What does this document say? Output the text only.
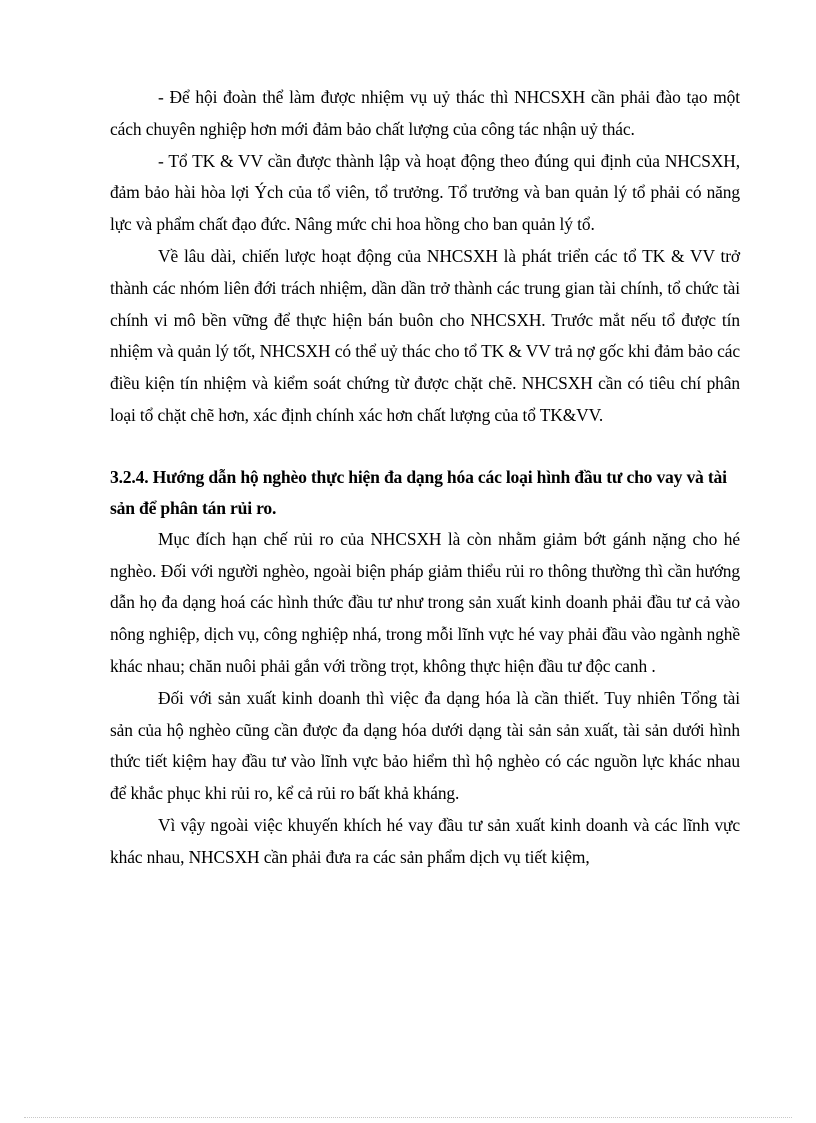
- Để hội đoàn thể làm được nhiệm vụ uỷ thác thì NHCSXH cần phải đào tạo một cách chuyên nghiệp hơn mới đảm bảo chất lượng của công tác nhận uỷ thác.

- Tổ TK & VV cần được thành lập và hoạt động theo đúng qui định của NHCSXH, đảm bảo hài hòa lợi Ých của tổ viên, tổ trưởng. Tổ trưởng và ban quản lý tổ phải có năng lực và phẩm chất đạo đức. Nâng mức chi hoa hồng cho ban quản lý tổ.

Về lâu dài, chiến lược hoạt động của NHCSXH là phát triển các tổ TK & VV trở thành các nhóm liên đới trách nhiệm, dần dần trở thành các trung gian tài chính, tổ chức tài chính vi mô bền vững để thực hiện bán buôn cho NHCSXH. Trước mắt nếu tổ được tín nhiệm và quản lý tốt, NHCSXH có thể uỷ thác cho tổ TK & VV trả nợ gốc khi đảm bảo các điều kiện tín nhiệm và kiểm soát chứng từ được chặt chẽ. NHCSXH cần có tiêu chí phân loại tổ chặt chẽ hơn, xác định chính xác hơn chất lượng của tổ TK&VV.

3.2.4. Hướng dẫn hộ nghèo thực hiện đa dạng hóa các loại hình đầu tư cho vay và tài sản để phân tán rủi ro.

Mục đích hạn chế rủi ro của NHCSXH là còn nhằm giảm bớt gánh nặng cho hé nghèo. Đối với người nghèo, ngoài biện pháp giảm thiểu rủi ro thông thường thì cần hướng dẫn họ đa dạng hoá các hình thức đầu tư như trong sản xuất kinh doanh phải đầu tư cả vào nông nghiệp, dịch vụ, công nghiệp nhá, trong mỗi lĩnh vực hé vay phải đầu vào ngành nghề khác nhau; chăn nuôi phải gắn với trồng trọt, không thực hiện đầu tư độc canh .

Đối với sản xuất kinh doanh thì việc đa dạng hóa là cần thiết. Tuy nhiên Tổng tài sản của hộ nghèo cũng cần được đa dạng hóa dưới dạng tài sản sản xuất, tài sản dưới hình thức tiết kiệm hay đầu tư vào lĩnh vực bảo hiểm thì hộ nghèo có các nguồn lực khác nhau để khắc phục khi rủi ro, kể cả rủi ro bất khả kháng.

Vì vậy ngoài việc khuyến khích hé vay đầu tư sản xuất kinh doanh và các lĩnh vực khác nhau, NHCSXH cần phải đưa ra các sản phẩm dịch vụ tiết kiệm,
